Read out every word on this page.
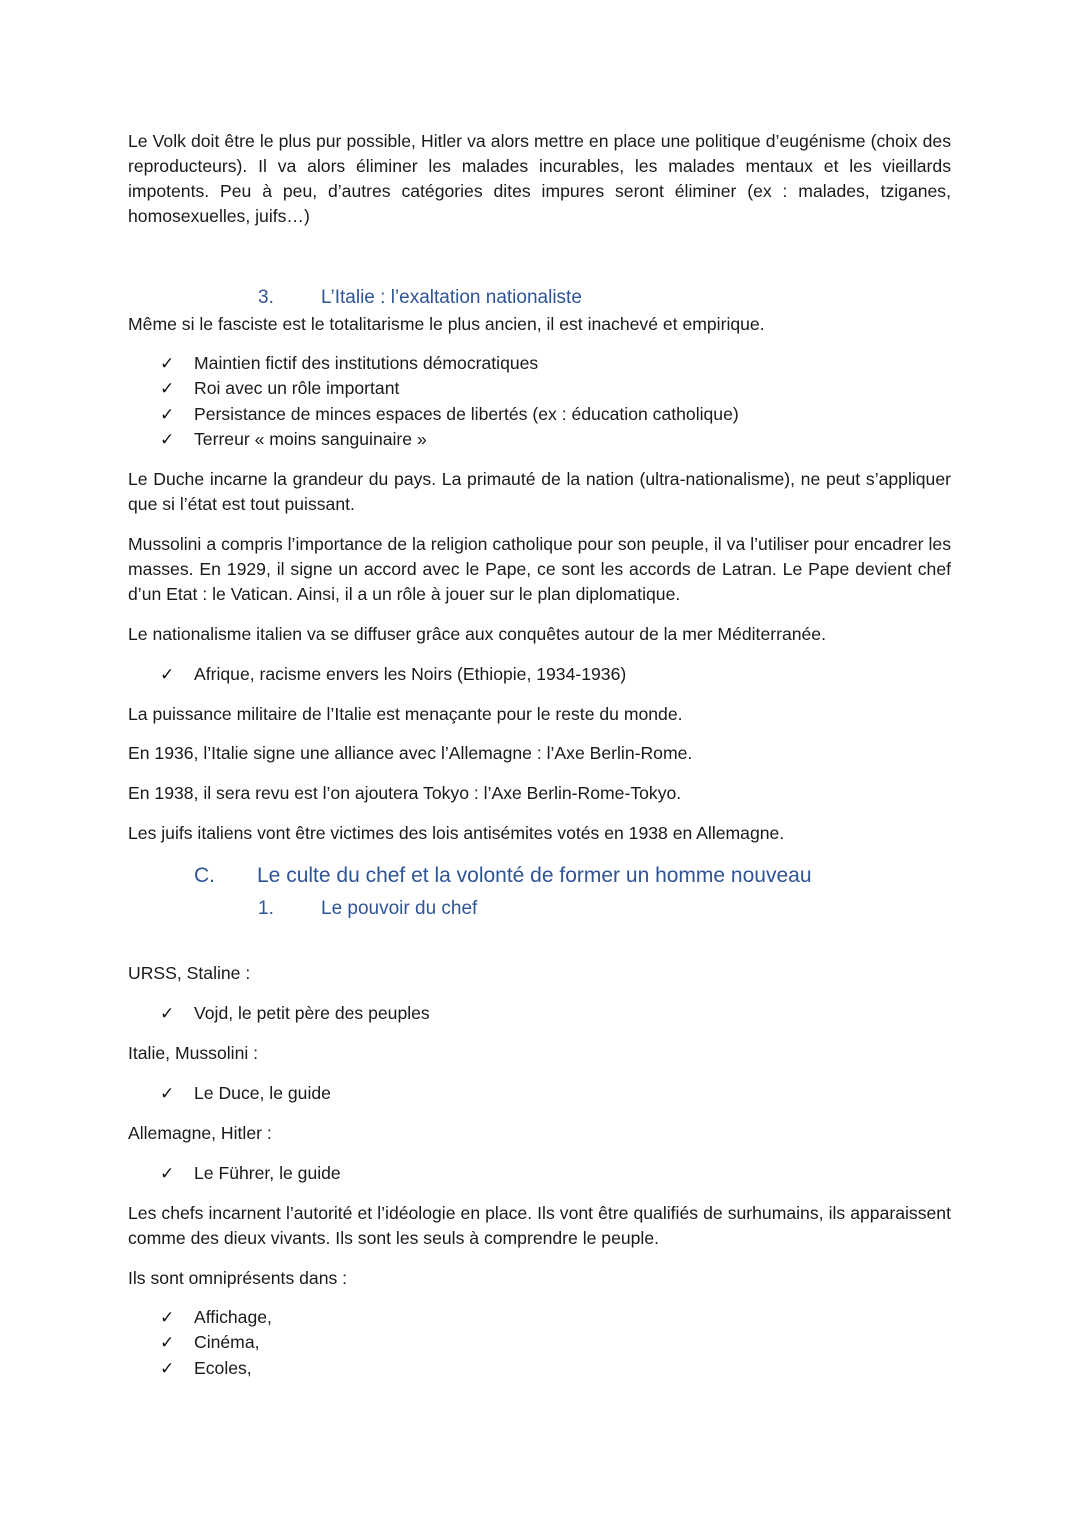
Le Volk doit être le plus pur possible, Hitler va alors mettre en place une politique d’eugénisme (choix des reproducteurs). Il va alors éliminer les malades incurables, les malades mentaux et les vieillards impotents. Peu à peu, d’autres catégories dites impures seront éliminer (ex : malades, tziganes, homosexuelles, juifs…)

3. L’Italie : l’exaltation nationaliste

Même si le fasciste est le totalitarisme le plus ancien, il est inachevé et empirique.

✓	Maintien fictif des institutions démocratiques
✓	Roi avec un rôle important
✓	Persistance de minces espaces de libertés (ex : éducation catholique)
✓	Terreur « moins sanguinaire »

Le Duche incarne la grandeur du pays. La primauté de la nation (ultra-nationalisme), ne peut s’appliquer que si l’état est tout puissant.

Mussolini a compris l’importance de la religion catholique pour son peuple, il va l’utiliser pour encadrer les masses. En 1929, il signe un accord avec le Pape, ce sont les accords de Latran. Le Pape devient chef d’un Etat : le Vatican. Ainsi, il a un rôle à jouer sur le plan diplomatique.

Le nationalisme italien va se diffuser grâce aux conquêtes autour de la mer Méditerranée.

✓	Afrique, racisme envers les Noirs (Ethiopie, 1934-1936)

La puissance militaire de l’Italie est menaçante pour le reste du monde.

En 1936, l’Italie signe une alliance avec l’Allemagne : l’Axe Berlin-Rome.

En 1938, il sera revu est l’on ajoutera Tokyo : l’Axe Berlin-Rome-Tokyo.

Les juifs italiens vont être victimes des lois antisémites votés en 1938 en Allemagne.

C. Le culte du chef et la volonté de former un homme nouveau
1. Le pouvoir du chef

URSS, Staline :

✓	Vojd, le petit père des peuples

Italie, Mussolini :

✓	Le Duce, le guide

Allemagne, Hitler :

✓	Le Führer, le guide

Les chefs incarnent l’autorité et l’idéologie en place. Ils vont être qualifiés de surhumains, ils apparaissent comme des dieux vivants. Ils sont les seuls à comprendre le peuple.

Ils sont omniprésents dans :

✓	Affichage,
✓	Cinéma,
✓	Ecoles,
